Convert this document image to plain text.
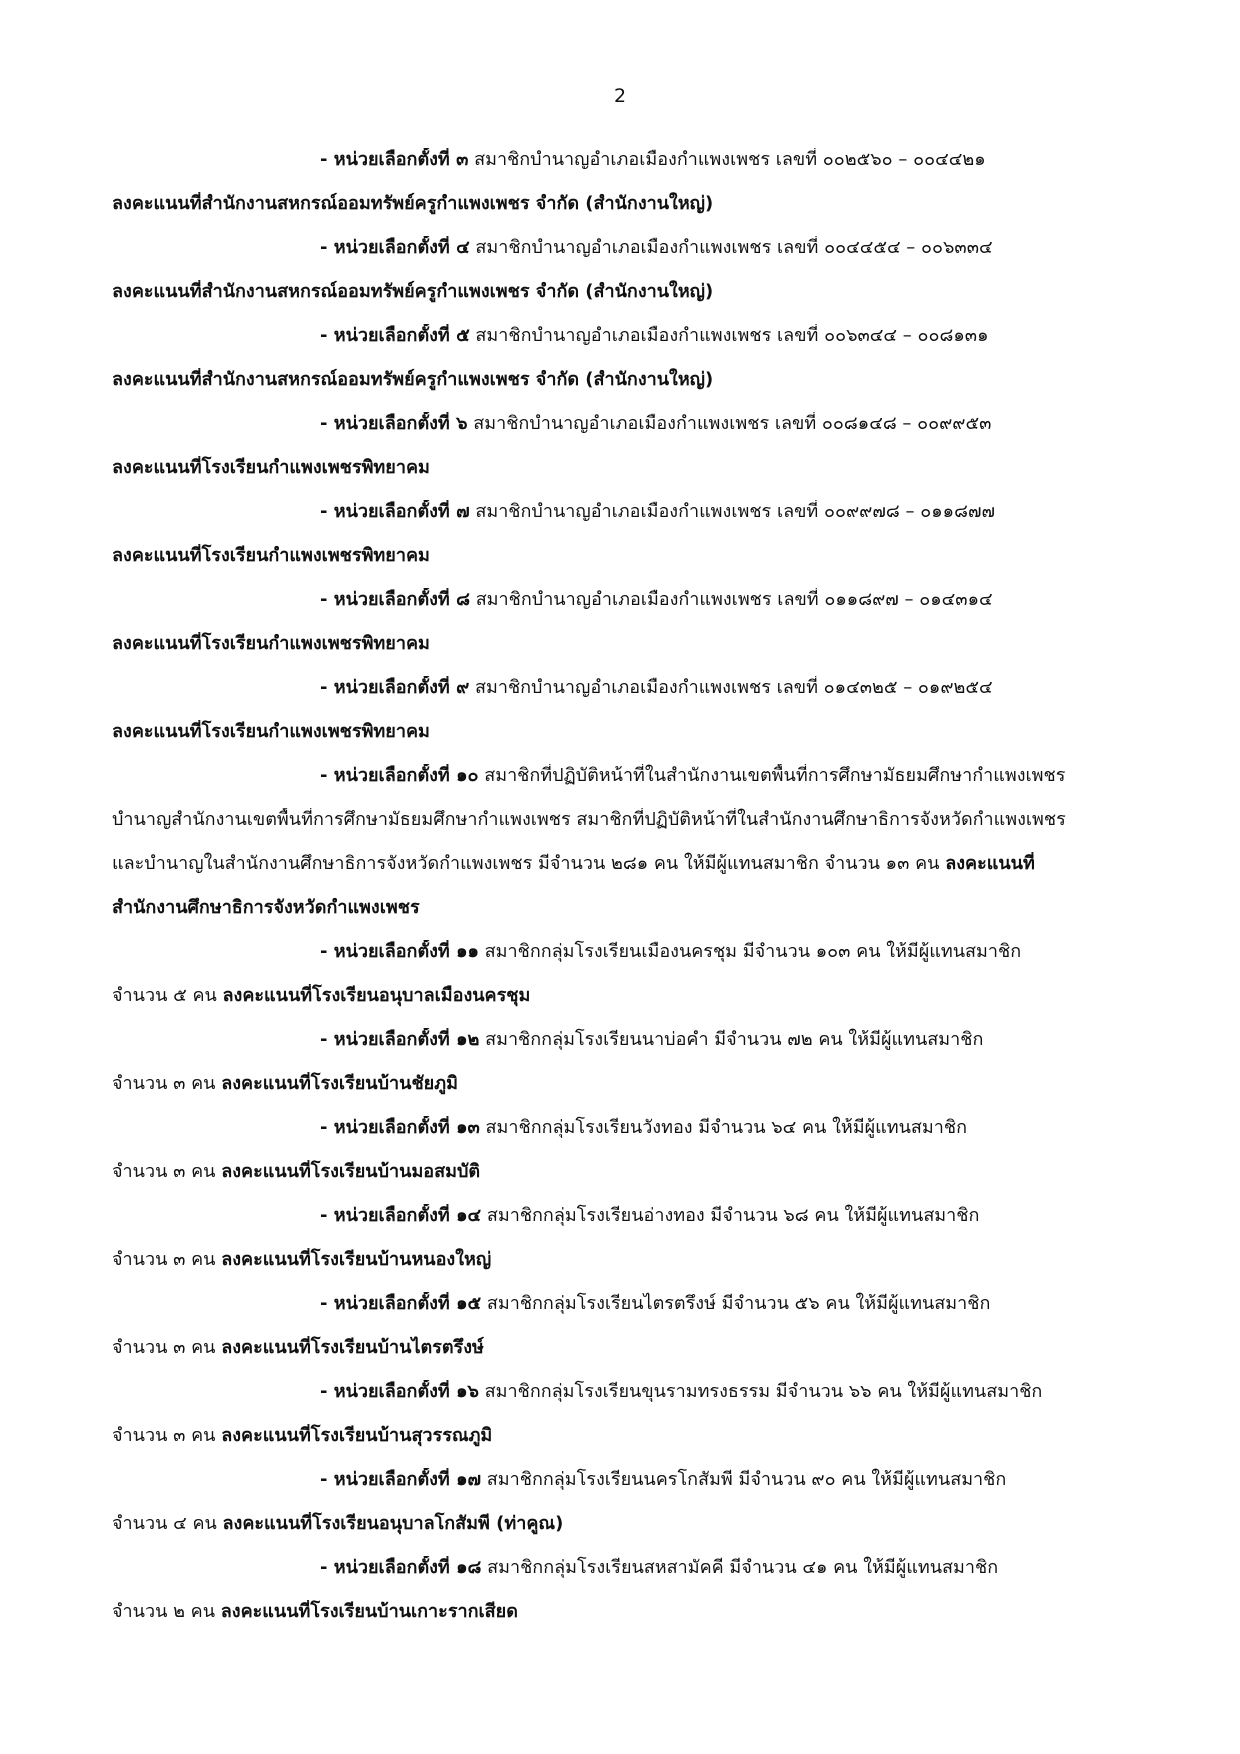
2
- หน่วยเลือกตั้งที่ ๓ สมาชิกบำนาญอำเภอเมืองกำแพงเพชร เลขที่ ๐๐๒๕๖๐ – ๐๐๔๔๒๑
ลงคะแนนที่สำนักงานสหกรณ์ออมทรัพย์ครูกำแพงเพชร จำกัด (สำนักงานใหญ่)
- หน่วยเลือกตั้งที่ ๔ สมาชิกบำนาญอำเภอเมืองกำแพงเพชร เลขที่ ๐๐๔๔๕๔ – ๐๐๖๓๓๔
ลงคะแนนที่สำนักงานสหกรณ์ออมทรัพย์ครูกำแพงเพชร จำกัด (สำนักงานใหญ่)
- หน่วยเลือกตั้งที่ ๕ สมาชิกบำนาญอำเภอเมืองกำแพงเพชร เลขที่ ๐๐๖๓๔๔ – ๐๐๘๑๓๑
ลงคะแนนที่สำนักงานสหกรณ์ออมทรัพย์ครูกำแพงเพชร จำกัด (สำนักงานใหญ่)
- หน่วยเลือกตั้งที่ ๖ สมาชิกบำนาญอำเภอเมืองกำแพงเพชร เลขที่ ๐๐๘๑๔๘ – ๐๐๙๙๕๓
ลงคะแนนที่โรงเรียนกำแพงเพชรพิทยาคม
- หน่วยเลือกตั้งที่ ๗ สมาชิกบำนาญอำเภอเมืองกำแพงเพชร เลขที่ ๐๐๙๙๗๘ – ๐๑๑๘๗๗
ลงคะแนนที่โรงเรียนกำแพงเพชรพิทยาคม
- หน่วยเลือกตั้งที่ ๘ สมาชิกบำนาญอำเภอเมืองกำแพงเพชร เลขที่ ๐๑๑๘๙๗ – ๐๑๔๓๑๔
ลงคะแนนที่โรงเรียนกำแพงเพชรพิทยาคม
- หน่วยเลือกตั้งที่ ๙ สมาชิกบำนาญอำเภอเมืองกำแพงเพชร เลขที่ ๐๑๔๓๒๕ – ๐๑๙๒๕๔
ลงคะแนนที่โรงเรียนกำแพงเพชรพิทยาคม
- หน่วยเลือกตั้งที่ ๑๐ สมาชิกที่ปฏิบัติหน้าที่ในสำนักงานเขตพื้นที่การศึกษามัธยมศึกษากำแพงเพชร
บำนาญสำนักงานเขตพื้นที่การศึกษามัธยมศึกษากำแพงเพชร สมาชิกที่ปฏิบัติหน้าที่ในสำนักงานศึกษาธิการจังหวัดกำแพงเพชร
และบำนาญในสำนักงานศึกษาธิการจังหวัดกำแพงเพชร มีจำนวน ๒๘๑ คน ให้มีผู้แทนสมาชิก จำนวน ๑๓ คน ลงคะแนนที่
สำนักงานศึกษาธิการจังหวัดกำแพงเพชร
- หน่วยเลือกตั้งที่ ๑๑ สมาชิกกลุ่มโรงเรียนเมืองนครชุม มีจำนวน ๑๐๓ คน ให้มีผู้แทนสมาชิก
จำนวน ๕ คน ลงคะแนนที่โรงเรียนอนุบาลเมืองนครชุม
- หน่วยเลือกตั้งที่ ๑๒ สมาชิกกลุ่มโรงเรียนนาบ่อคำ มีจำนวน ๗๒ คน ให้มีผู้แทนสมาชิก
จำนวน ๓ คน ลงคะแนนที่โรงเรียนบ้านชัยภูมิ
- หน่วยเลือกตั้งที่ ๑๓ สมาชิกกลุ่มโรงเรียนวังทอง มีจำนวน ๖๔ คน ให้มีผู้แทนสมาชิก
จำนวน ๓ คน ลงคะแนนที่โรงเรียนบ้านมอสมบัติ
- หน่วยเลือกตั้งที่ ๑๔ สมาชิกกลุ่มโรงเรียนอ่างทอง มีจำนวน ๖๘ คน ให้มีผู้แทนสมาชิก
จำนวน ๓ คน ลงคะแนนที่โรงเรียนบ้านหนองใหญ่
- หน่วยเลือกตั้งที่ ๑๕ สมาชิกกลุ่มโรงเรียนไตรตรึงษ์ มีจำนวน ๕๖ คน ให้มีผู้แทนสมาชิก
จำนวน ๓ คน ลงคะแนนที่โรงเรียนบ้านไตรตรึงษ์
- หน่วยเลือกตั้งที่ ๑๖ สมาชิกกลุ่มโรงเรียนขุนรามทรงธรรม มีจำนวน ๖๖ คน ให้มีผู้แทนสมาชิก
จำนวน ๓ คน ลงคะแนนที่โรงเรียนบ้านสุวรรณภูมิ
- หน่วยเลือกตั้งที่ ๑๗ สมาชิกกลุ่มโรงเรียนนครโกสัมพี มีจำนวน ๙๐ คน ให้มีผู้แทนสมาชิก
จำนวน ๔ คน ลงคะแนนที่โรงเรียนอนุบาลโกสัมพี (ท่าคูณ)
- หน่วยเลือกตั้งที่ ๑๘ สมาชิกกลุ่มโรงเรียนสหสามัคคี มีจำนวน ๔๑ คน ให้มีผู้แทนสมาชิก
จำนวน ๒ คน ลงคะแนนที่โรงเรียนบ้านเกาะรากเสียด
